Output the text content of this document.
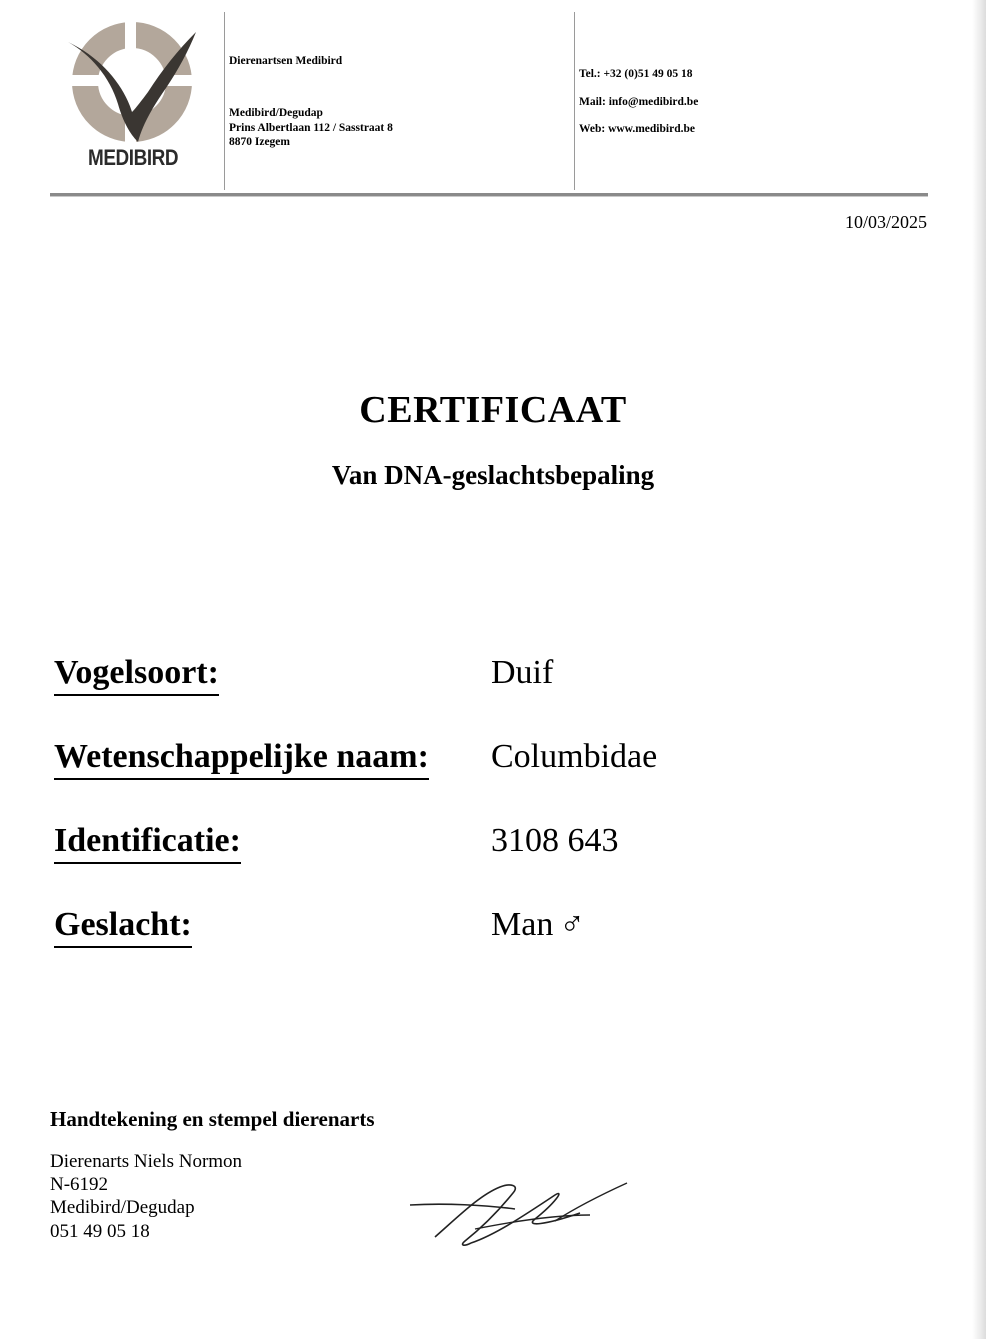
MEDIBIRD
Dierenartsen Medibird
Medibird/Degudap
Prins Albertlaan 112 / Sasstraat 8
8870 Izegem
Tel.: +32 (0)51 49 05 18
Mail: info@medibird.be
Web: www.medibird.be
10/03/2025
CERTIFICAAT
Van DNA-geslachtsbepaling
Vogelsoort:	Duif
Wetenschappelijke naam: Columbidae
Identificatie:	3108 643
Geslacht:	Man ♂
Handtekening en stempel dierenarts
Dierenarts Niels Normon
N-6192
Medibird/Degudap
051 49 05 18
